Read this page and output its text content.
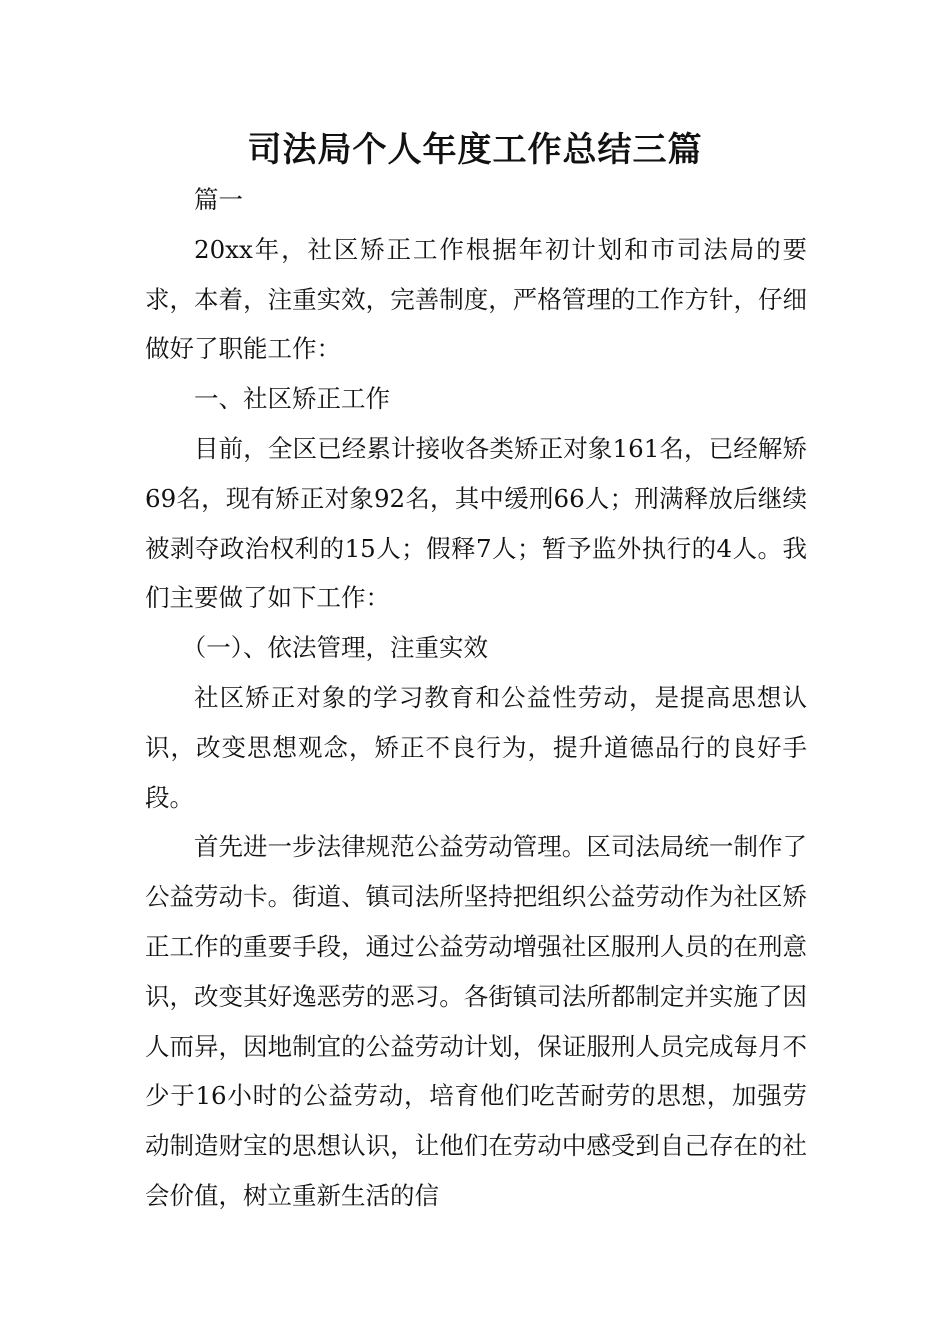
司法局个人年度工作总结三篇

篇一

20xx年，社区矫正工作根据年初计划和市司法局的要求，本着，注重实效，完善制度，严格管理的工作方针，仔细做好了职能工作：

一、社区矫正工作

目前，全区已经累计接收各类矫正对象161名，已经解矫69名，现有矫正对象92名，其中缓刑66人；刑满释放后继续被剥夺政治权利的15人；假释7人；暂予监外执行的4人。我们主要做了如下工作：

（一）、依法管理，注重实效

社区矫正对象的学习教育和公益性劳动，是提高思想认识，改变思想观念，矫正不良行为，提升道德品行的良好手段。

首先进一步法律规范公益劳动管理。区司法局统一制作了公益劳动卡。街道、镇司法所坚持把组织公益劳动作为社区矫正工作的重要手段，通过公益劳动增强社区服刑人员的在刑意识，改变其好逸恶劳的恶习。各街镇司法所都制定并实施了因人而异，因地制宜的公益劳动计划，保证服刑人员完成每月不少于16小时的公益劳动，培育他们吃苦耐劳的思想，加强劳动制造财宝的思想认识，让他们在劳动中感受到自己存在的社会价值，树立重新生活的信
